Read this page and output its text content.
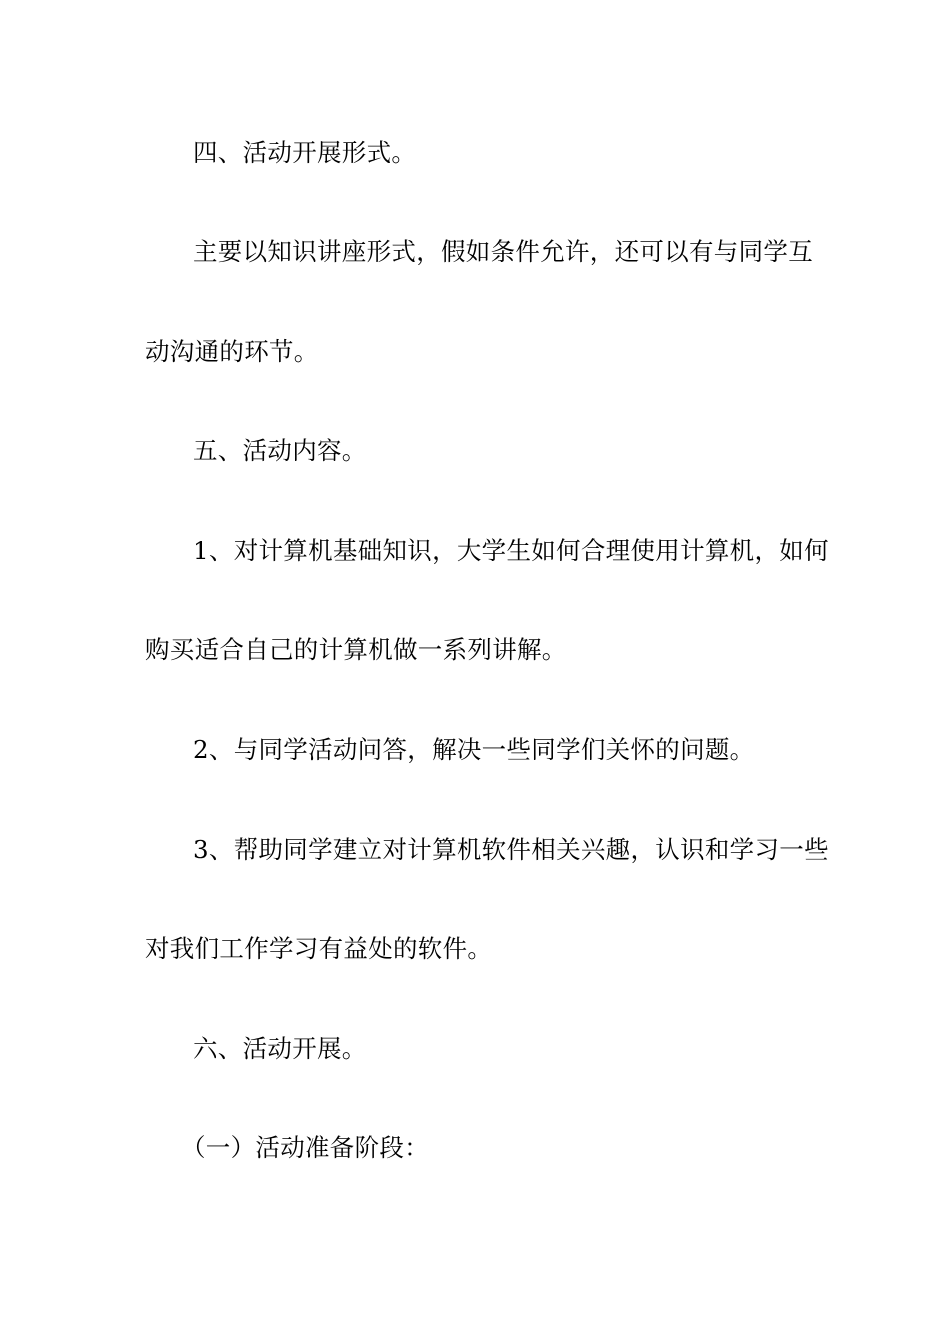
四、活动开展形式。
主要以知识讲座形式，假如条件允许，还可以有与同学互
动沟通的环节。
五、活动内容。
1、对计算机基础知识，大学生如何合理使用计算机，如何
购买适合自己的计算机做一系列讲解。
2、与同学活动问答，解决一些同学们关怀的问题。
3、帮助同学建立对计算机软件相关兴趣，认识和学习一些
对我们工作学习有益处的软件。
六、活动开展。
（一）活动准备阶段：
